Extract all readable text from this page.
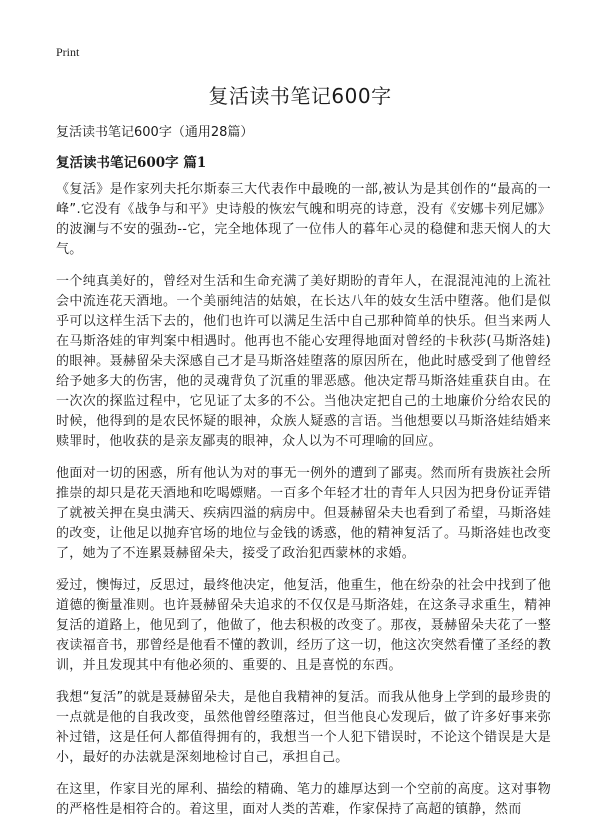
Print
复活读书笔记600字

复活读书笔记600字（通用28篇）

复活读书笔记600字 篇1

《复活》是作家列夫托尔斯泰三大代表作中最晚的一部,被认为是其创作的“最高的一峰”.它没有《战争与和平》史诗般的恢宏气魄和明亮的诗意，没有《安娜卡列尼娜》的波澜与不安的强劲--它，完全地体现了一位伟人的暮年心灵的稳健和悲天悯人的大气。

一个纯真美好的，曾经对生活和生命充满了美好期盼的青年人，在混混沌沌的上流社会中流连花天酒地。一个美丽纯洁的姑娘，在长达八年的妓女生活中堕落。他们是似乎可以这样生活下去的，他们也许可以满足生活中自己那种简单的快乐。但当来两人在马斯洛娃的审判案中相遇时。他再也不能心安理得地面对曾经的卡秋莎(马斯洛娃)的眼神。聂赫留朵夫深感自己才是马斯洛娃堕落的原因所在，他此时感受到了他曾经给予她多大的伤害，他的灵魂背负了沉重的罪恶感。他决定帮马斯洛娃重获自由。在一次次的探监过程中，它见证了太多的不公。当他决定把自己的土地廉价分给农民的时候，他得到的是农民怀疑的眼神，众族人疑惑的言语。当他想要以马斯洛娃结婚来赎罪时，他收获的是亲友鄙夷的眼神，众人以为不可理喻的回应。

他面对一切的困惑，所有他认为对的事无一例外的遭到了鄙夷。然而所有贵族社会所推崇的却只是花天酒地和吃喝嫖赌。一百多个年轻才壮的青年人只因为把身份证弄错了就被关押在臭虫满天、疾病四溢的病房中。但聂赫留朵夫也看到了希望，马斯洛娃的改变，让他足以抛弃官场的地位与金钱的诱惑，他的精神复活了。马斯洛娃也改变了，她为了不连累聂赫留朵夫，接受了政治犯西蒙林的求婚。

爱过，懊悔过，反思过，最终他决定，他复活，他重生，他在纷杂的社会中找到了他道德的衡量准则。也许聂赫留朵夫追求的不仅仅是马斯洛娃，在这条寻求重生，精神复活的道路上，他见到了，他做了，他去积极的改变了。那夜，聂赫留朵夫花了一整夜读福音书，那曾经是他看不懂的教训，经历了这一切，他这次突然看懂了圣经的教训，并且发现其中有他必须的、重要的、且是喜悦的东西。

我想“复活”的就是聂赫留朵夫，是他自我精神的复活。而我从他身上学到的最珍贵的一点就是他的自我改变，虽然他曾经堕落过，但当他良心发现后，做了许多好事来弥补过错，这是任何人都值得拥有的，我想当一个人犯下错误时，不论这个错误是大是小，最好的办法就是深刻地检讨自己，承担自己。

在这里，作家目光的犀利、描绘的精确、笔力的雄厚达到一个空前的高度。这对事物的严格性是相符合的。着这里，面对人类的苦难，作家保持了高超的镇静，然而
